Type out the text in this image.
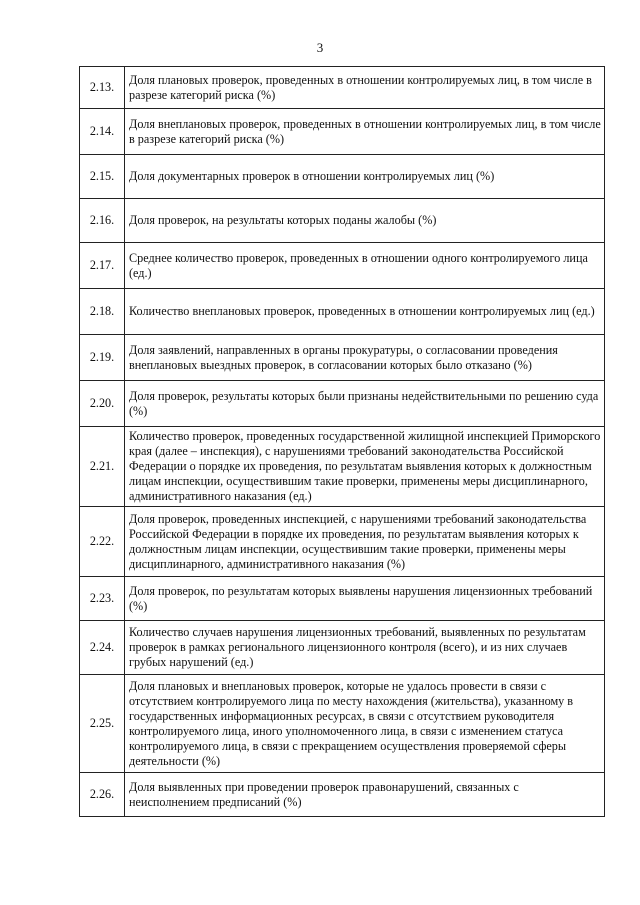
3
2.13.	Доля плановых проверок, проведенных в отношении контролируемых лиц, в том числе в разрезе категорий риска (%)
2.14.	Доля внеплановых проверок, проведенных в отношении контролируемых лиц, в том числе в разрезе категорий риска (%)
2.15.	Доля документарных проверок в отношении контролируемых лиц (%)
2.16.	Доля проверок, на результаты которых поданы жалобы (%)
2.17.	Среднее количество проверок, проведенных в отношении одного контролируемого лица (ед.)
2.18.	Количество внеплановых проверок, проведенных в отношении контролируемых лиц (ед.)
2.19.	Доля заявлений, направленных в органы прокуратуры, о согласовании проведения внеплановых выездных проверок, в согласовании которых было отказано (%)
2.20.	Доля проверок, результаты которых были признаны недействительными по решению суда (%)
2.21.	Количество проверок, проведенных государственной жилищной инспекцией Приморского края (далее – инспекция), с нарушениями требований законодательства Российской Федерации о порядке их проведения, по результатам выявления которых к должностным лицам инспекции, осуществившим такие проверки, применены меры дисциплинарного, административного наказания (ед.)
2.22.	Доля проверок, проведенных инспекцией, с нарушениями требований законодательства Российской Федерации в порядке их проведения, по результатам выявления которых к должностным лицам инспекции, осуществившим такие проверки, применены меры дисциплинарного, административного наказания (%)
2.23.	Доля проверок, по результатам которых выявлены нарушения лицензионных требований (%)
2.24.	Количество случаев нарушения лицензионных требований, выявленных по результатам проверок в рамках регионального лицензионного контроля (всего), и из них случаев грубых нарушений (ед.)
2.25.	Доля плановых и внеплановых проверок, которые не удалось провести в связи с отсутствием контролируемого лица по месту нахождения (жительства), указанному в государственных информационных ресурсах, в связи с отсутствием руководителя контролируемого лица, иного уполномоченного лица, в связи с изменением статуса контролируемого лица, в связи с прекращением осуществления проверяемой сферы деятельности (%)
2.26.	Доля выявленных при проведении проверок правонарушений, связанных с неисполнением предписаний (%)
